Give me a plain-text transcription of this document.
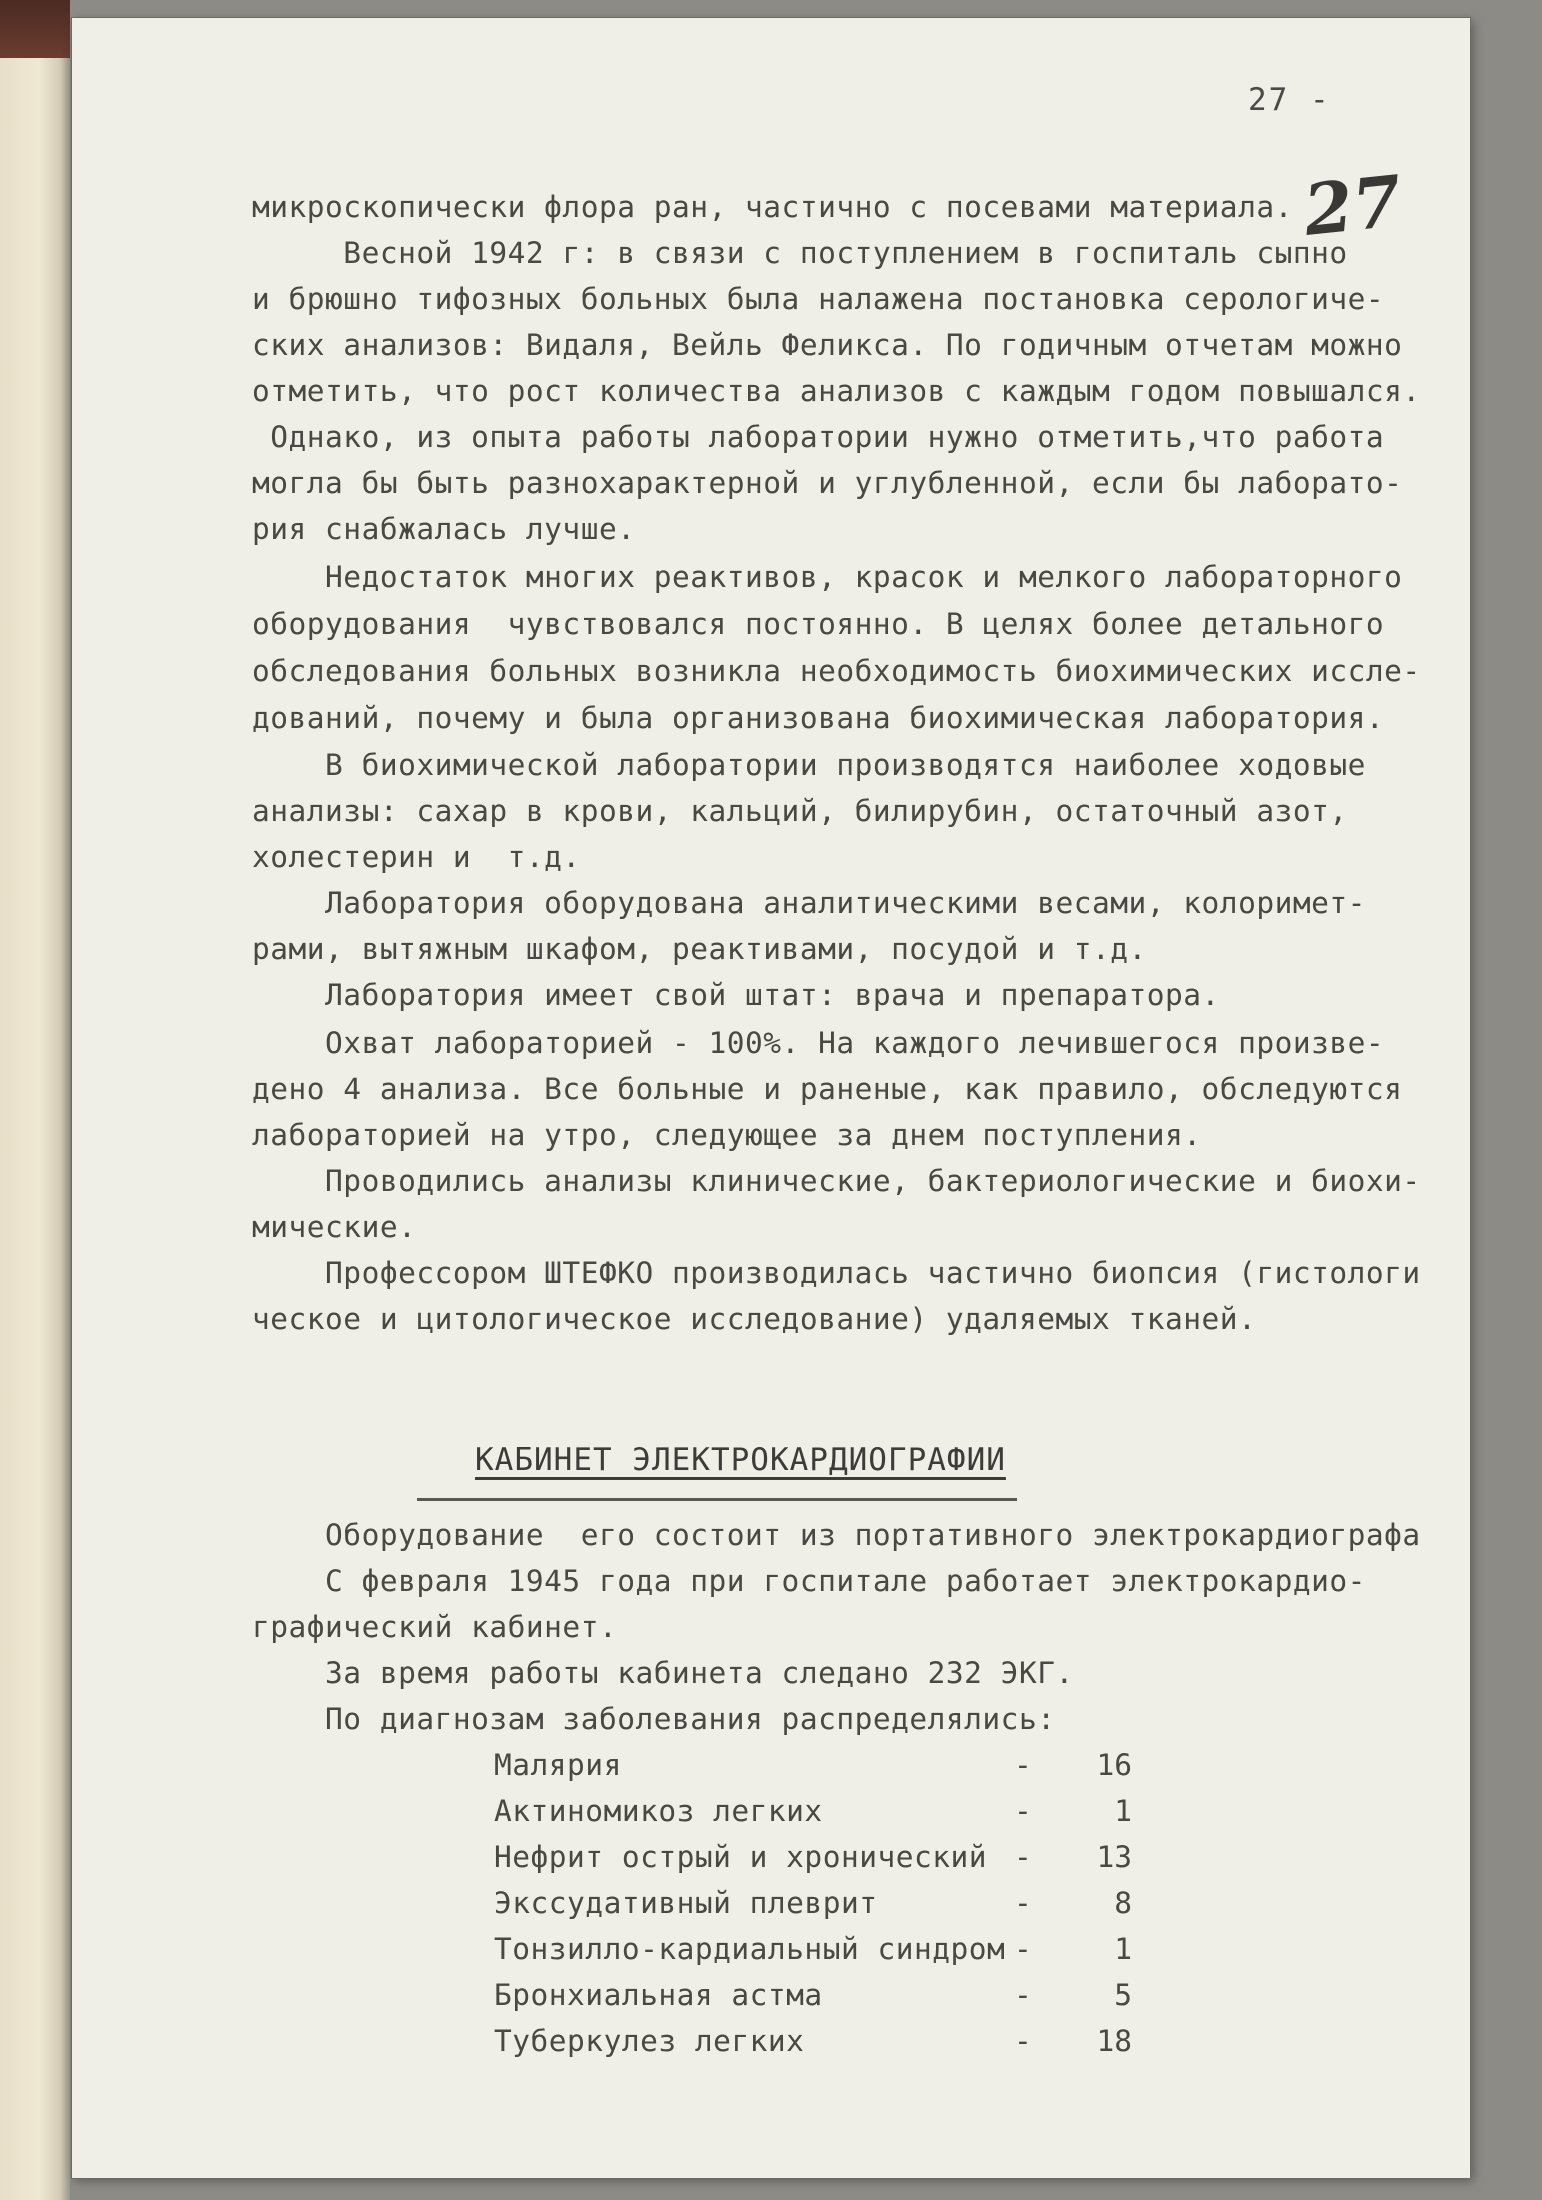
27 -
27
микроскопически флора ран, частично с посевами материала.
Весной 1942 г: в связи с поступлением в госпиталь сыпно
и брюшно тифозных больных была налажена постановка серологиче-
ских анализов: Видаля, Вейль Феликса. По годичным отчетам можно
отметить, что рост количества анализов с каждым годом повышался.
Однако, из опыта работы лаборатории нужно отметить,что работа
могла бы быть разнохарактерной и углубленной, если бы лаборато-
рия снабжалась лучше.
Недостаток многих реактивов, красок и мелкого лабораторного
оборудования  чувствовался постоянно. В целях более детального
обследования больных возникла необходимость биохимических иссле-
дований, почему и была организована биохимическая лаборатория.
В биохимической лаборатории производятся наиболее ходовые
анализы: сахар в крови, кальций, билирубин, остаточный азот,
холестерин и  т.д.
Лаборатория оборудована аналитическими весами, колоримет-
рами, вытяжным шкафом, реактивами, посудой и т.д.
Лаборатория имеет свой штат: врача и препаратора.
Охват лабораторией - 100%. На каждого лечившегося произве-
дено 4 анализа. Все больные и раненые, как правило, обследуются
лабораторией на утро, следующее за днем поступления.
Проводились анализы клинические, бактериологические и биохи-
мические.
Профессором ШТЕФКО производилась частично биопсия (гистологи
ческое и цитологическое исследование) удаляемых тканей.
КАБИНЕТ ЭЛЕКТРОКАРДИОГРАФИИ
Оборудование  его состоит из портативного электрокардиографа
С февраля 1945 года при госпитале работает электрокардио-
графический кабинет.
За время работы кабинета следано 232 ЭКГ.
По диагнозам заболевания распределялись:
Малярия	-	16
Актиномикоз легких	-	1
Нефрит острый и хронический -	13
Экссудативный плеврит	-	8
Тонзилло-кардиальный синдром -	1
Бронхиальная астма	-	5
Туберкулез легких	-	18
